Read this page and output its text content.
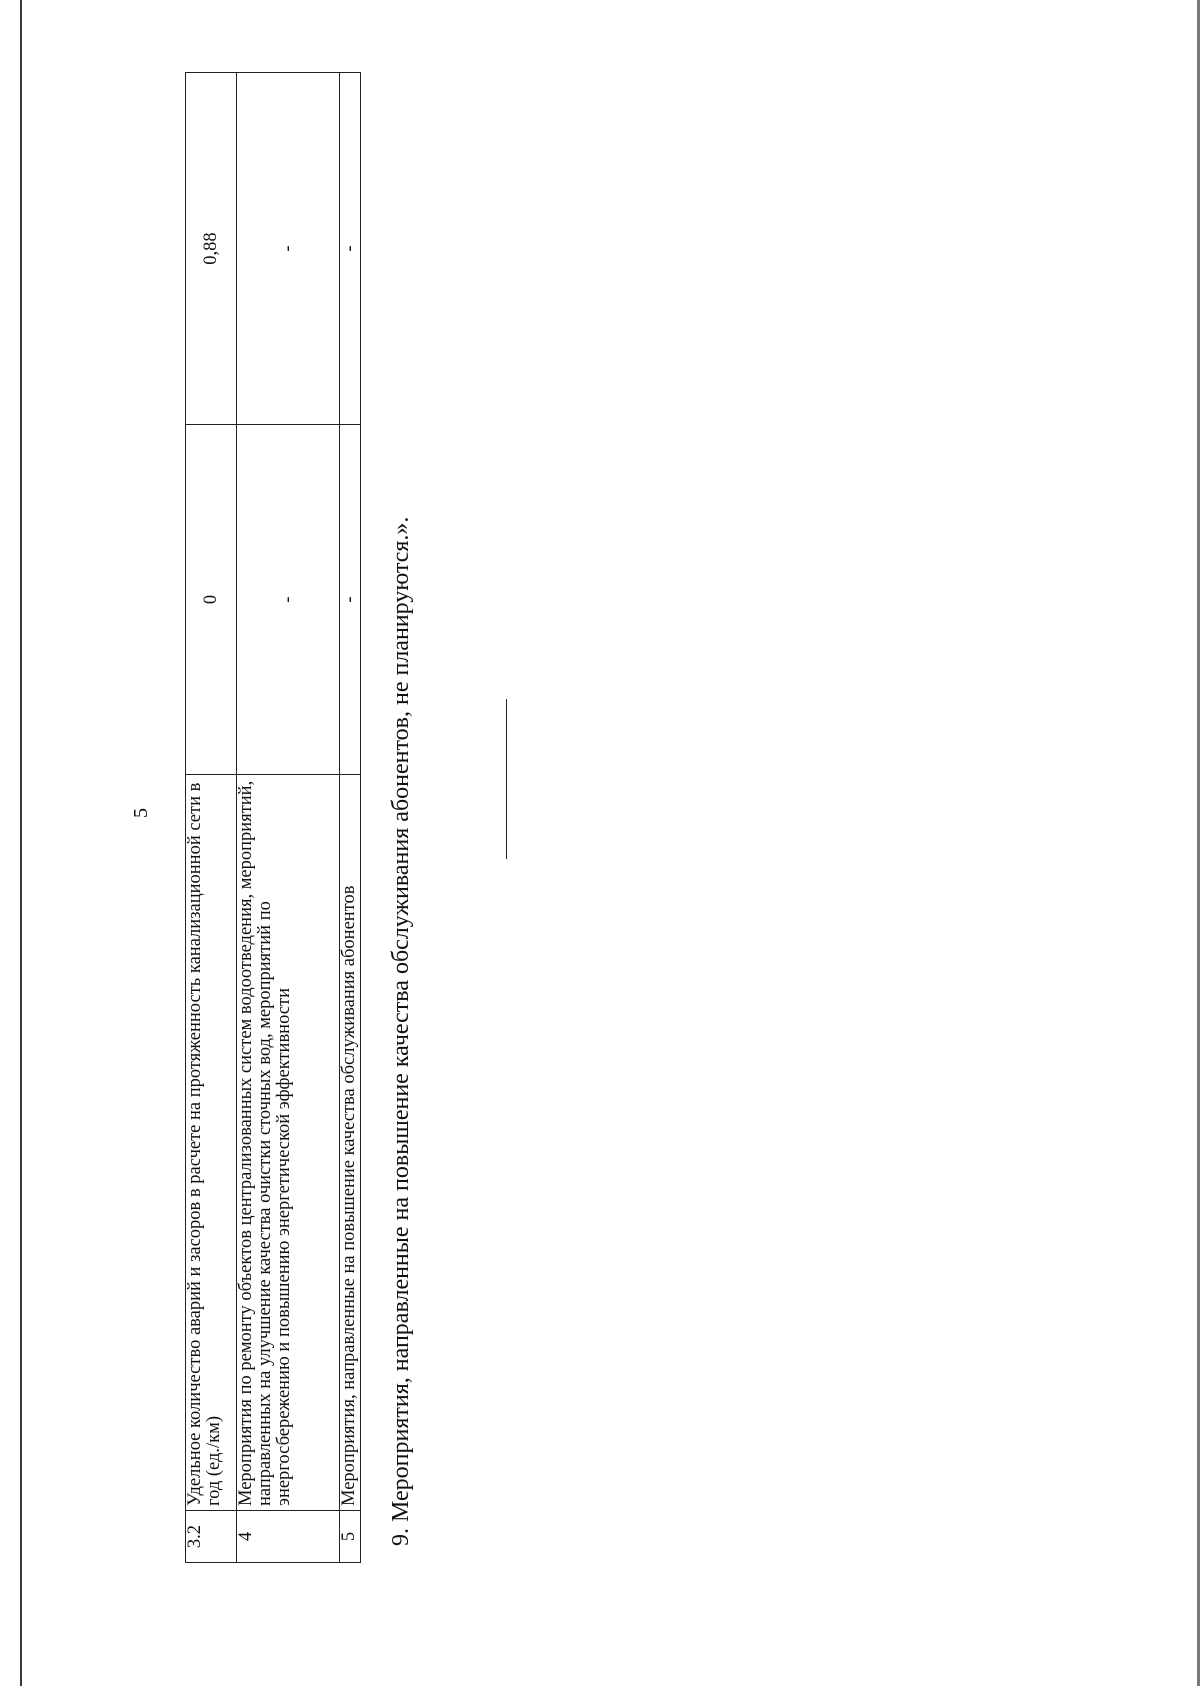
5
3.2	Удельное количество аварий и засоров в расчете на протяженность канализационной сети в год (ед./км)	0	0,88
4	Мероприятия по ремонту объектов централизованных систем водоотведения, мероприятий, направленных на улучшение качества очистки сточных вод, мероприятий по энергосбережению и повышению энергетической эффективности	-	-
5	Мероприятия, направленные на повышение качества обслуживания абонентов	-	-
9. Мероприятия, направленные на повышение качества обслуживания абонентов, не планируются.».
